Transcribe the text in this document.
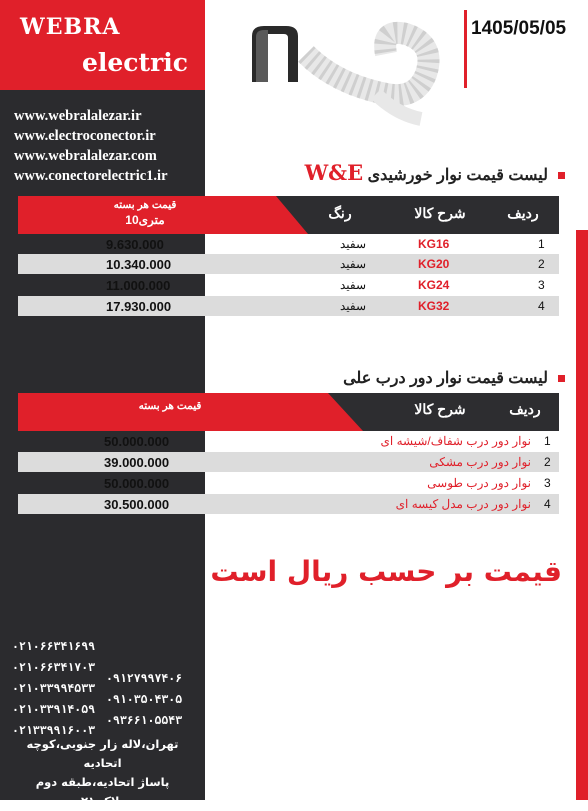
WEBRA
electric
www.webralalezar.ir
www.electroconector.ir
www.webralalezar.com
www.conectorelectric1.ir
1405/05/05
لیست قیمت نوار خورشیدی W&E
ردیف
شرح کالا
رنگ
قیمت هر بسته
10متری
1
KG16
سفید
9.630.000
2
KG20
سفید
10.340.000
3
KG24
سفید
11.000.000
4
KG32
سفید
17.930.000
لیست قیمت نوار دور درب علی
ردیف
شرح کالا
قیمت هر بسته
1
نوار دور درب شفاف/شیشه ای
50.000.000
2
نوار دور درب مشکی
39.000.000
3
نوار دور درب طوسی
50.000.000
4
نوار دور درب مدل کیسه ای
30.500.000
قیمت بر حسب ریال است
۰۲۱۰۶۶۳۴۱۶۹۹
۰۲۱۰۶۶۳۴۱۷۰۳
۰۲۱۰۳۳۹۹۴۵۳۳
۰۲۱۰۳۳۹۱۴۰۵۹
۰۲۱۳۳۹۹۱۶۰۰۳
۰۹۱۲۷۹۹۷۴۰۶
۰۹۱۰۳۵۰۴۳۰۵
۰۹۳۶۶۱۰۵۵۴۳
تهران،لاله زار جنوبی،کوچه اتحادیه
پاساژ اتحادیه،طبقه دوم
پلاک ۲۱
